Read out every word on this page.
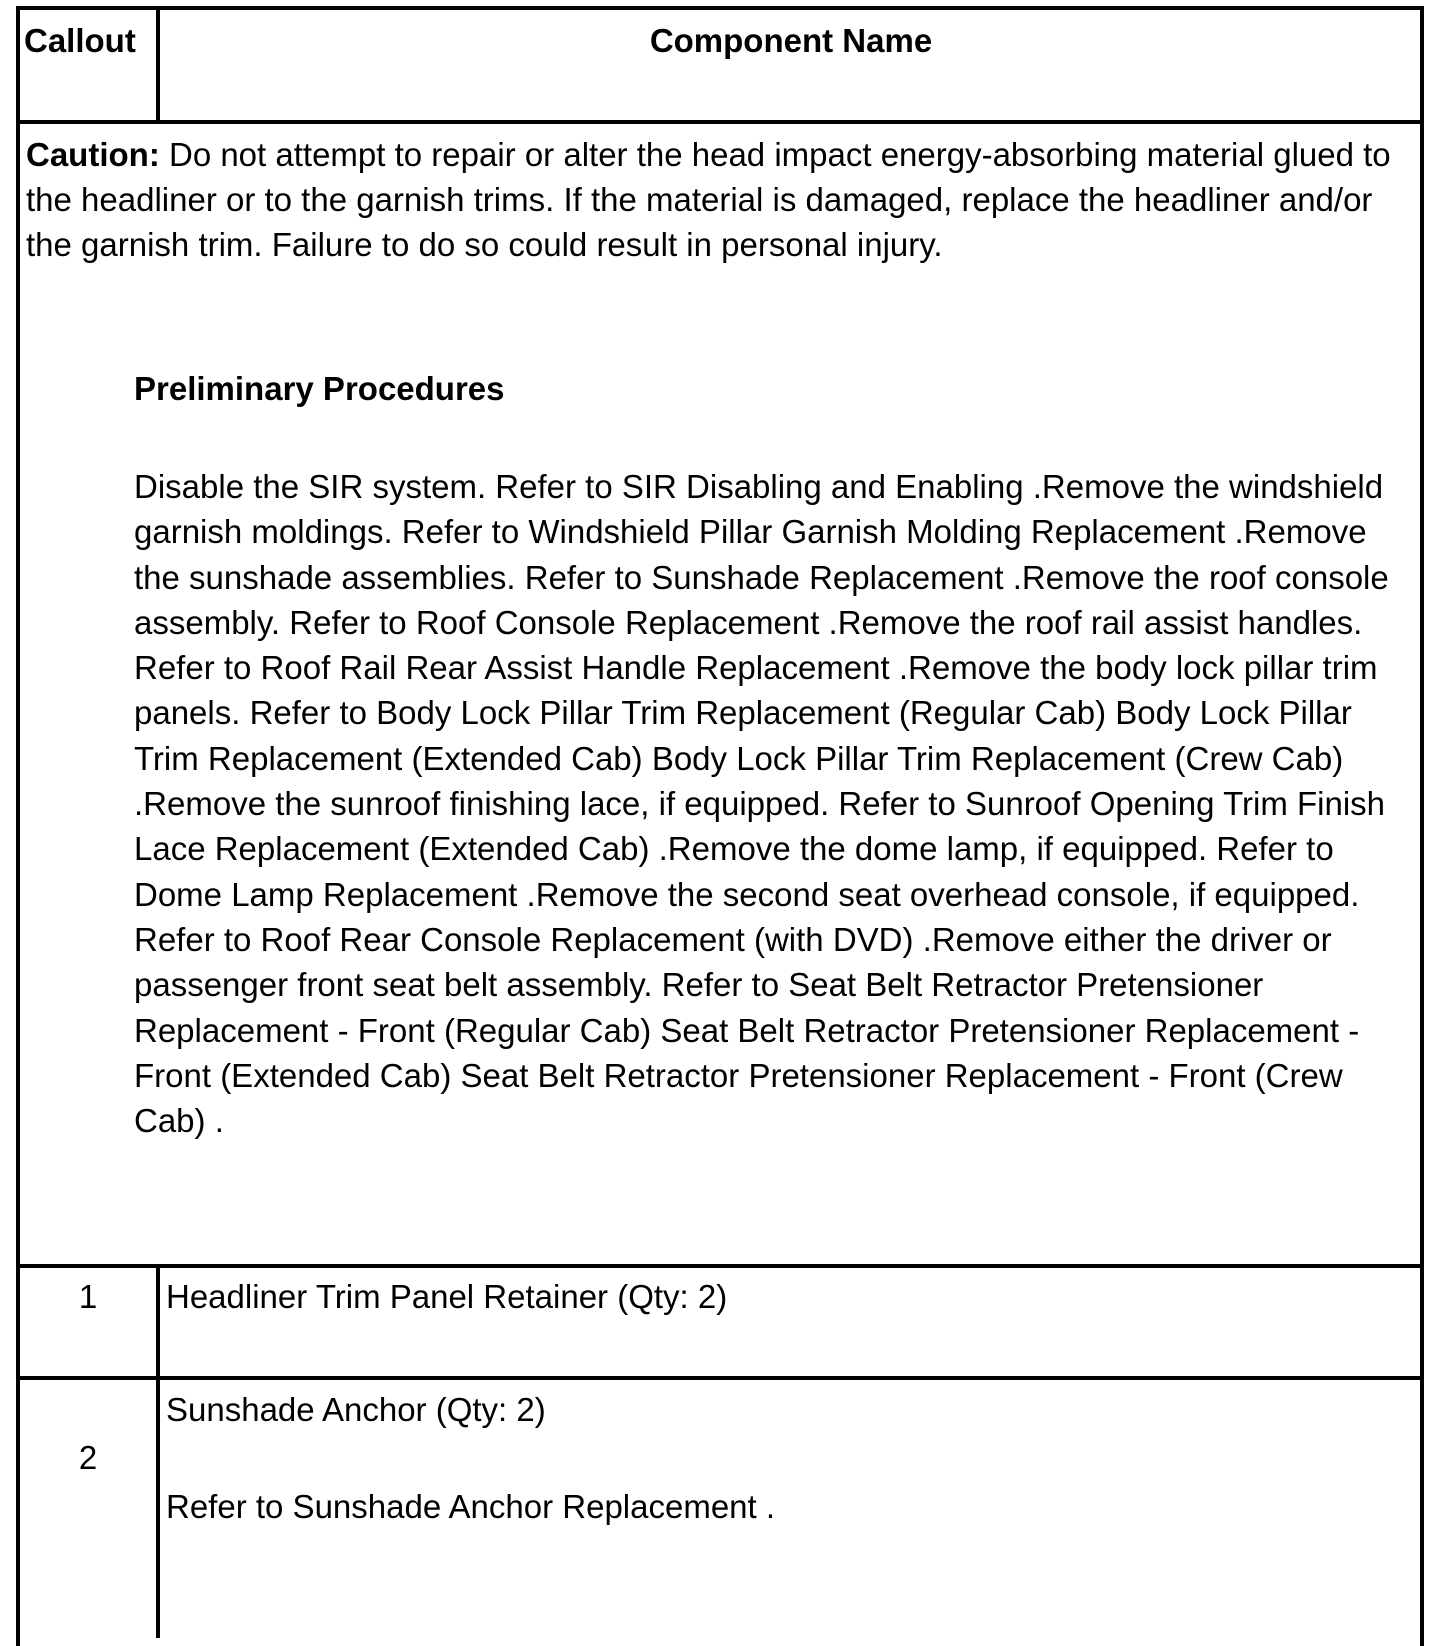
Callout	Component Name
Caution: Do not attempt to repair or alter the head impact energy-absorbing material glued to the headliner or to the garnish trims. If the material is damaged, replace the headliner and/or the garnish trim. Failure to do so could result in personal injury.
Preliminary Procedures
Disable the SIR system. Refer to SIR Disabling and Enabling .Remove the windshield garnish moldings. Refer to Windshield Pillar Garnish Molding Replacement .Remove the sunshade assemblies. Refer to Sunshade Replacement .Remove the roof console assembly. Refer to Roof Console Replacement .Remove the roof rail assist handles. Refer to Roof Rail Rear Assist Handle Replacement .Remove the body lock pillar trim panels. Refer to Body Lock Pillar Trim Replacement (Regular Cab) Body Lock Pillar Trim Replacement (Extended Cab) Body Lock Pillar Trim Replacement (Crew Cab) .Remove the sunroof finishing lace, if equipped. Refer to Sunroof Opening Trim Finish Lace Replacement (Extended Cab) .Remove the dome lamp, if equipped. Refer to Dome Lamp Replacement .Remove the second seat overhead console, if equipped. Refer to Roof Rear Console Replacement (with DVD) .Remove either the driver or passenger front seat belt assembly. Refer to Seat Belt Retractor Pretensioner Replacement - Front (Regular Cab) Seat Belt Retractor Pretensioner Replacement - Front (Extended Cab) Seat Belt Retractor Pretensioner Replacement - Front (Crew Cab) .
1	Headliner Trim Panel Retainer (Qty: 2)
2
Sunshade Anchor (Qty: 2)
Refer to Sunshade Anchor Replacement .
